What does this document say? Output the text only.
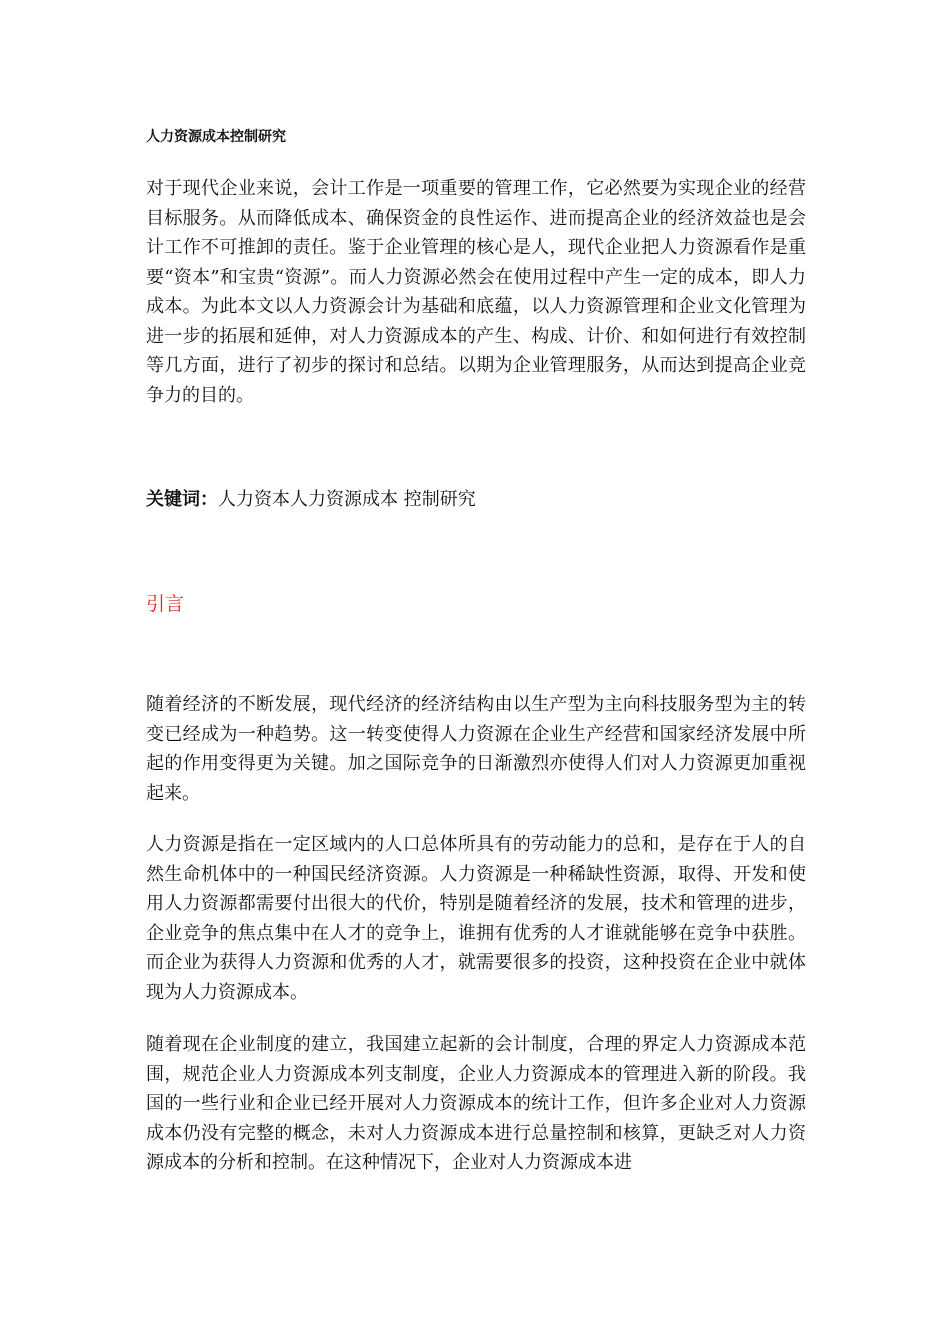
人力资源成本控制研究

对于现代企业来说，会计工作是一项重要的管理工作，它必然要为实现企业的经营目标服务。从而降低成本、确保资金的良性运作、进而提高企业的经济效益也是会计工作不可推卸的责任。鉴于企业管理的核心是人，现代企业把人力资源看作是重要“资本”和宝贵“资源”。而人力资源必然会在使用过程中产生一定的成本，即人力成本。为此本文以人力资源会计为基础和底蕴，以人力资源管理和企业文化管理为进一步的拓展和延伸，对人力资源成本的产生、构成、计价、和如何进行有效控制等几方面，进行了初步的探讨和总结。以期为企业管理服务，从而达到提高企业竞争力的目的。

关键词：人力资本人力资源成本 控制研究

引言

随着经济的不断发展，现代经济的经济结构由以生产型为主向科技服务型为主的转变已经成为一种趋势。这一转变使得人力资源在企业生产经营和国家经济发展中所起的作用变得更为关键。加之国际竞争的日渐激烈亦使得人们对人力资源更加重视起来。

人力资源是指在一定区域内的人口总体所具有的劳动能力的总和，是存在于人的自然生命机体中的一种国民经济资源。人力资源是一种稀缺性资源，取得、开发和使用人力资源都需要付出很大的代价，特别是随着经济的发展，技术和管理的进步，企业竞争的焦点集中在人才的竞争上，谁拥有优秀的人才谁就能够在竞争中获胜。而企业为获得人力资源和优秀的人才，就需要很多的投资，这种投资在企业中就体现为人力资源成本。

随着现在企业制度的建立，我国建立起新的会计制度，合理的界定人力资源成本范围，规范企业人力资源成本列支制度，企业人力资源成本的管理进入新的阶段。我国的一些行业和企业已经开展对人力资源成本的统计工作，但许多企业对人力资源成本仍没有完整的概念，未对人力资源成本进行总量控制和核算，更缺乏对人力资源成本的分析和控制。在这种情况下，企业对人力资源成本进
